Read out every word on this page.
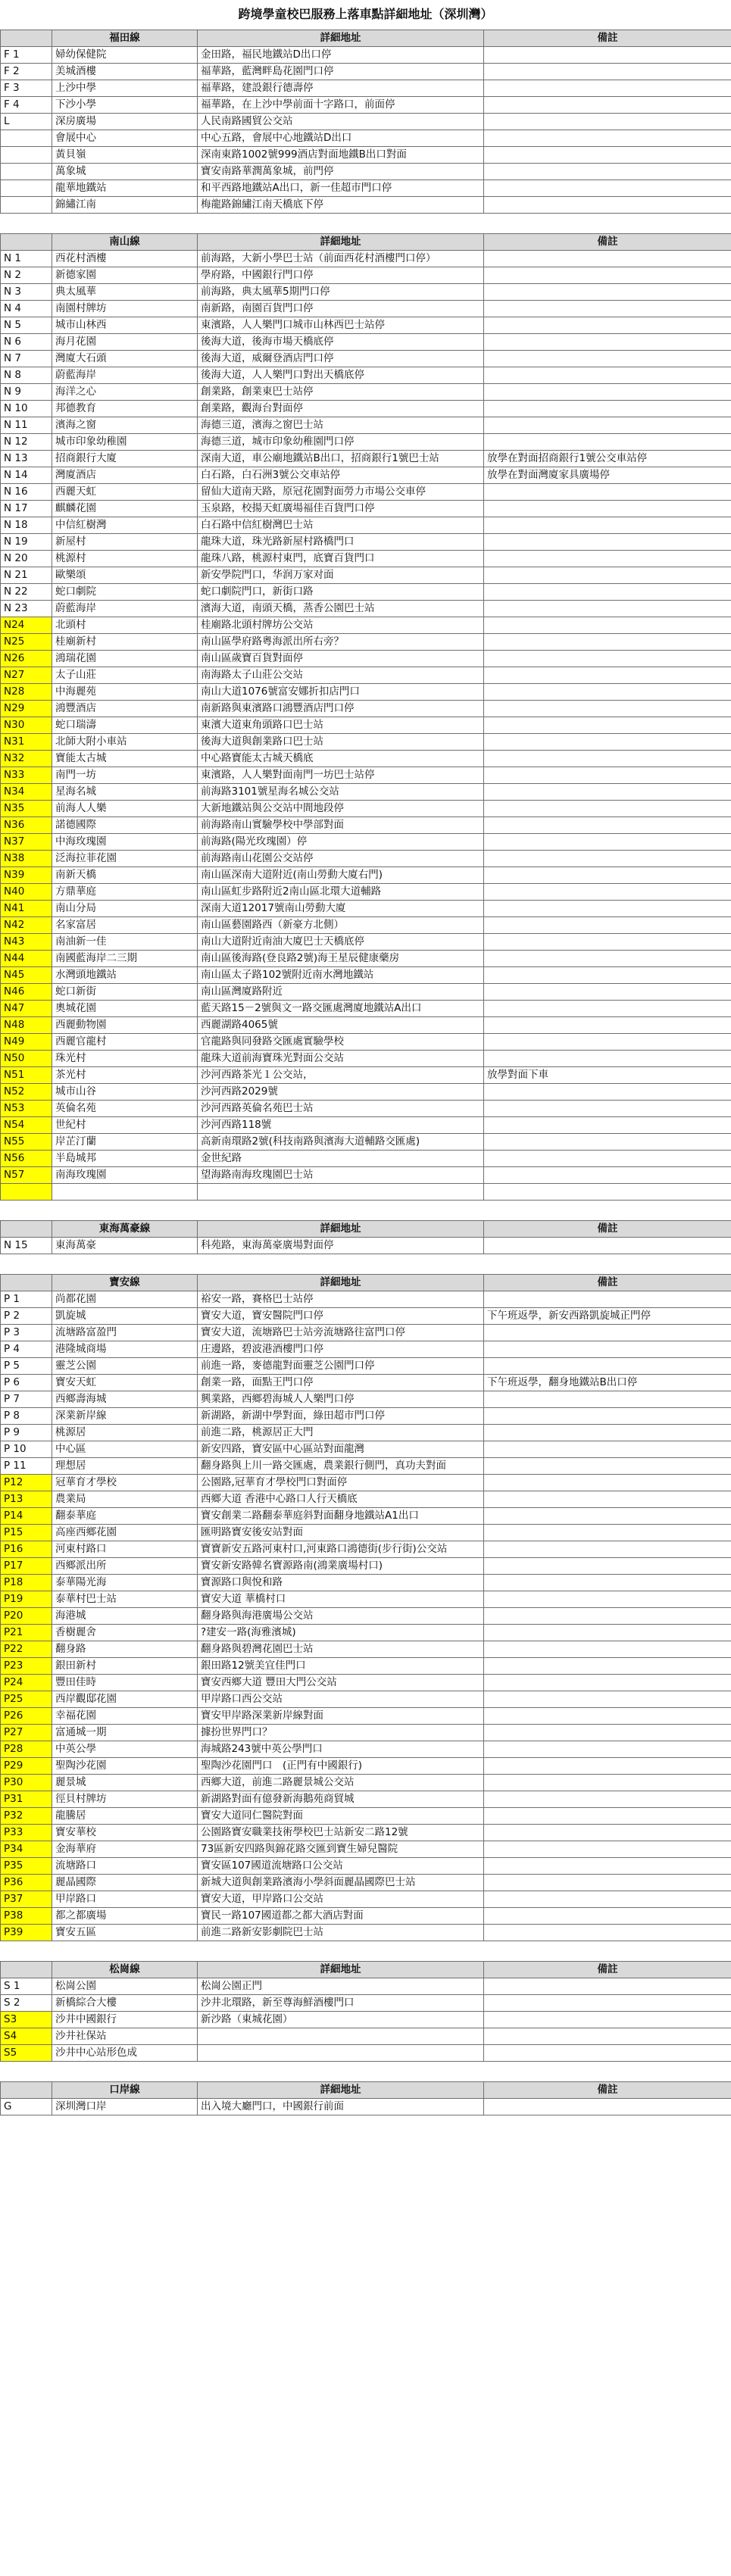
跨境學童校巴服務上落車點詳細地址（深圳灣）
	福田線	詳細地址	備註
F 1	婦幼保健院	金田路，福民地鐵站D出口停	
F 2	美城酒樓	福華路，藍灣畔島花園門口停	
F 3	上沙中學	福華路，建設銀行德壽停	
F 4	下沙小學	福華路，在上沙中學前面十字路口，前面停	
L	深房廣場	人民南路國貿公交站	
	會展中心	中心五路，會展中心地鐵站D出口	
	黃貝嶺	深南東路1002號999酒店對面地鐵B出口對面	
	萬象城	寶安南路華潤萬象城，前門停	
	龍華地鐵站	和平西路地鐵站A出口，新一佳超市門口停	
	錦繡江南	梅龍路錦繡江南天橋底下停	
	南山線	詳細地址	備註
N 1	西花村酒樓	前海路，大新小學巴士站（前面西花村酒樓門口停）	
N 2	新德家園	學府路，中國銀行門口停	
N 3	典太風華	前海路，典太風華5期門口停	
N 4	南園村牌坊	南新路，南園百貨門口停	
N 5	城市山林西	東濱路，人人樂門口城市山林西巴士站停	
N 6	海月花園	後海大道，後海市場天橋底停	
N 7	灣廈大石頭	後海大道，威爾登酒店門口停	
N 8	蔚藍海岸	後海大道，人人樂門口對出天橋底停	
N 9	海洋之心	創業路，創業東巴士站停	
N 10	邦德教育	創業路，觀海台對面停	
N 11	濱海之窗	海德三道，濱海之窗巴士站	
N 12	城市印象幼稚園	海德三道，城市印象幼稚園門口停	
N 13	招商銀行大廈	深南大道，車公廟地鐵站B出口，招商銀行1號巴士站	放學在對面招商銀行1號公交車站停
N 14	灣廈酒店	白石路，白石洲3號公交車站停	放學在對面灣廈家具廣場停
N 16	西麗天虹	留仙大道南天路，原冠花園對面勞力市場公交車停	
N 17	麒麟花園	玉泉路，校揚天虹廣場福佳百貨門口停	
N 18	中信紅樹灣	白石路中信紅樹灣巴士站	
N 19	新屋村	龍珠大道，珠光路新屋村路橋門口	
N 20	桃源村	龍珠八路，桃源村東門，底寶百貨門口	
N 21	歐樂頌	新安學院門口，华润万家对面	
N 22	蛇口劇院	蛇口劇院門口，新街口路	
N 23	蔚藍海岸	濱海大道，南頭天橋，蒸香公園巴士站	
N24	北頭村	桂廟路北頭村牌坊公交站	
N25	桂廟新村	南山區學府路粵海派出所右旁？	
N26	鴻瑞花園	南山區歲寶百貨對面停	
N27	太子山莊	南海路太子山莊公交站	
N28	中海麗苑	南山大道1076號富安娜折扣店門口	
N29	鴻豐酒店	南新路與東濱路口鴻豐酒店門口停	
N30	蛇口瑞濤	東濱大道東角頭路口巴士站	
N31	北師大附小車站	後海大道與創業路口巴士站	
N32	寶能太古城	中心路寶能太古城天橋底	
N33	南門一坊	東濱路，人人樂對面南門一坊巴士站停	
N34	星海名城	前海路3101號星海名城公交站	
N35	前海人人樂	大新地鐵站與公交站中間地段停	
N36	諾德國際	前海路南山實驗學校中學部對面	
N37	中海玫瑰園	前海路(陽光玫瑰園）停	
N38	泛海拉菲花園	前海路南山花園公交站停	
N39	南新天橋	南山區深南大道附近(南山勞動大廈右門)	
N40	方鼎華庭	南山區虹步路附近2南山區北環大道輔路	
N41	南山分局	深南大道12017號南山勞動大廈	
N42	名家富居	南山區藝園路西（新豪方北側）	
N43	南油新一佳	南山大道附近南油大廈巴士天橋底停	
N44	南國藍海岸二三期	南山區後海路(登良路2號)海王星辰健康藥房	
N45	水灣頭地鐵站	南山區太子路102號附近南水灣地鐵站	
N46	蛇口新街	南山區灣廈路附近	
N47	奧城花園	藍天路15－2號與文一路交匯處灣廈地鐵站A出口	
N48	西麗動物園	西麗湖路4065號	
N49	西麗官龍村	官龍路與同發路交匯處實驗學校	
N50	珠光村	龍珠大道前海寶珠光對面公交站	
N51	茶光村	沙河西路茶光１公交站，	放學對面下車
N52	城市山谷	沙河西路2029號	
N53	英倫名苑	沙河西路英倫名苑巴士站	
N54	世紀村	沙河西路118號	
N55	岸芷汀蘭	高新南環路2號(科技南路與濱海大道輔路交匯處)	
N56	半島城邦	金世紀路	
N57	南海玫瑰園	望海路南海玫瑰園巴士站	

	東海萬豪線	詳細地址	備註
N 15	東海萬豪	科苑路，東海萬豪廣場對面停	
	寶安線	詳細地址	備註
P 1	尚都花園	裕安一路，賽格巴士站停	
P 2	凱旋城	寶安大道，寶安醫院門口停	下午班返學，新安西路凱旋城正門停
P 3	流塘路富盈門	寶安大道，流塘路巴士站旁流塘路往富門口停	
P 4	港隆城商場	庄邊路，碧波港酒樓門口停	
P 5	靈芝公園	前進一路，麥德龍對面靈芝公園門口停	
P 6	寶安天虹	創業一路，面點王門口停	下午班返學，翻身地鐵站B出口停
P 7	西鄉壽海城	興業路，西鄉碧海城人人樂門口停	
P 8	深業新岸線	新湖路，新湖中學對面，綠田超市門口停	
P 9	桃源居	前進二路，桃源居正大門	
P 10	中心區	新安四路，寶安區中心區站對面龍灣	
P 11	理想居	翻身路與上川一路交匯處，農業銀行側門，真功夫對面	
P12	冠華育才學校	公園路,冠華育才學校門口對面停	
P13	農業局	西鄉大道 香港中心路口人行天橋底	
P14	翻泰華庭	寶安創業二路翻泰華庭斜對面翻身地鐵站A1出口	
P15	高座西鄉花園	匯明路寶安後安站對面	
P16	河東村路口	寶寶新安五路河東村口,河東路口鴻德街(步行街)公交站	
P17	西鄉派出所	寶安新安路韓名寶源路南(鴻業廣場村口)	
P18	泰華陽光海	寶源路口與悅和路	
P19	泰華村巴士站	寶安大道 華橋村口	
P20	海港城	翻身路與海港廣場公交站	
P21	香樹麗舍	?建安一路(海雅濱城)	
P22	翻身路	翻身路與碧灣花園巴士站	
P23	銀田新村	銀田路12號美宜佳門口	
P24	豐田佳時	寶安西鄉大道 豐田大門公交站	
P25	西岸觀邸花園	甲岸路口西公交站	
P26	幸福花園	寶安甲岸路深業新岸線對面	
P27	富通城一期	據扮世界門口？	
P28	中英公學	海城路243號中英公學門口	
P29	聖陶沙花園	聖陶沙花園門口　(正門有中國銀行)	
P30	麗景城	西鄉大道，前進二路麗景城公交站	
P31	徑貝村牌坊	新湖路對面有億發新海鵝苑商貿城	
P32	龍騰居	寶安大道同仁醫院對面	
P33	寶安華校	公園路寶安職業技術學校巴士站新安二路12號	
P34	金海華府	73區新安四路與錦花路交匯到寶生婦兒醫院	
P35	流塘路口	寶安區107國道流塘路口公交站	
P36	麗晶國際	新城大道與創業路濱海小學斜面麗晶國際巴士站	
P37	甲岸路口	寶安大道，甲岸路口公交站	
P38	都之都廣場	寶民一路107國道都之都大酒店對面	
P39	寶安五區	前進二路新安影劇院巴士站	
	松崗線	詳細地址	備註
S 1	松崗公園	松崗公園正門	
S 2	新橋綜合大樓	沙井北環路，新至尊海鮮酒樓門口	
S3	沙井中國銀行	新沙路（東城花園）	
S4	沙井社保站		
S5	沙井中心站形色成		
	口岸線	詳細地址	備註
G	深圳灣口岸	出入境大廳門口，中國銀行前面	
